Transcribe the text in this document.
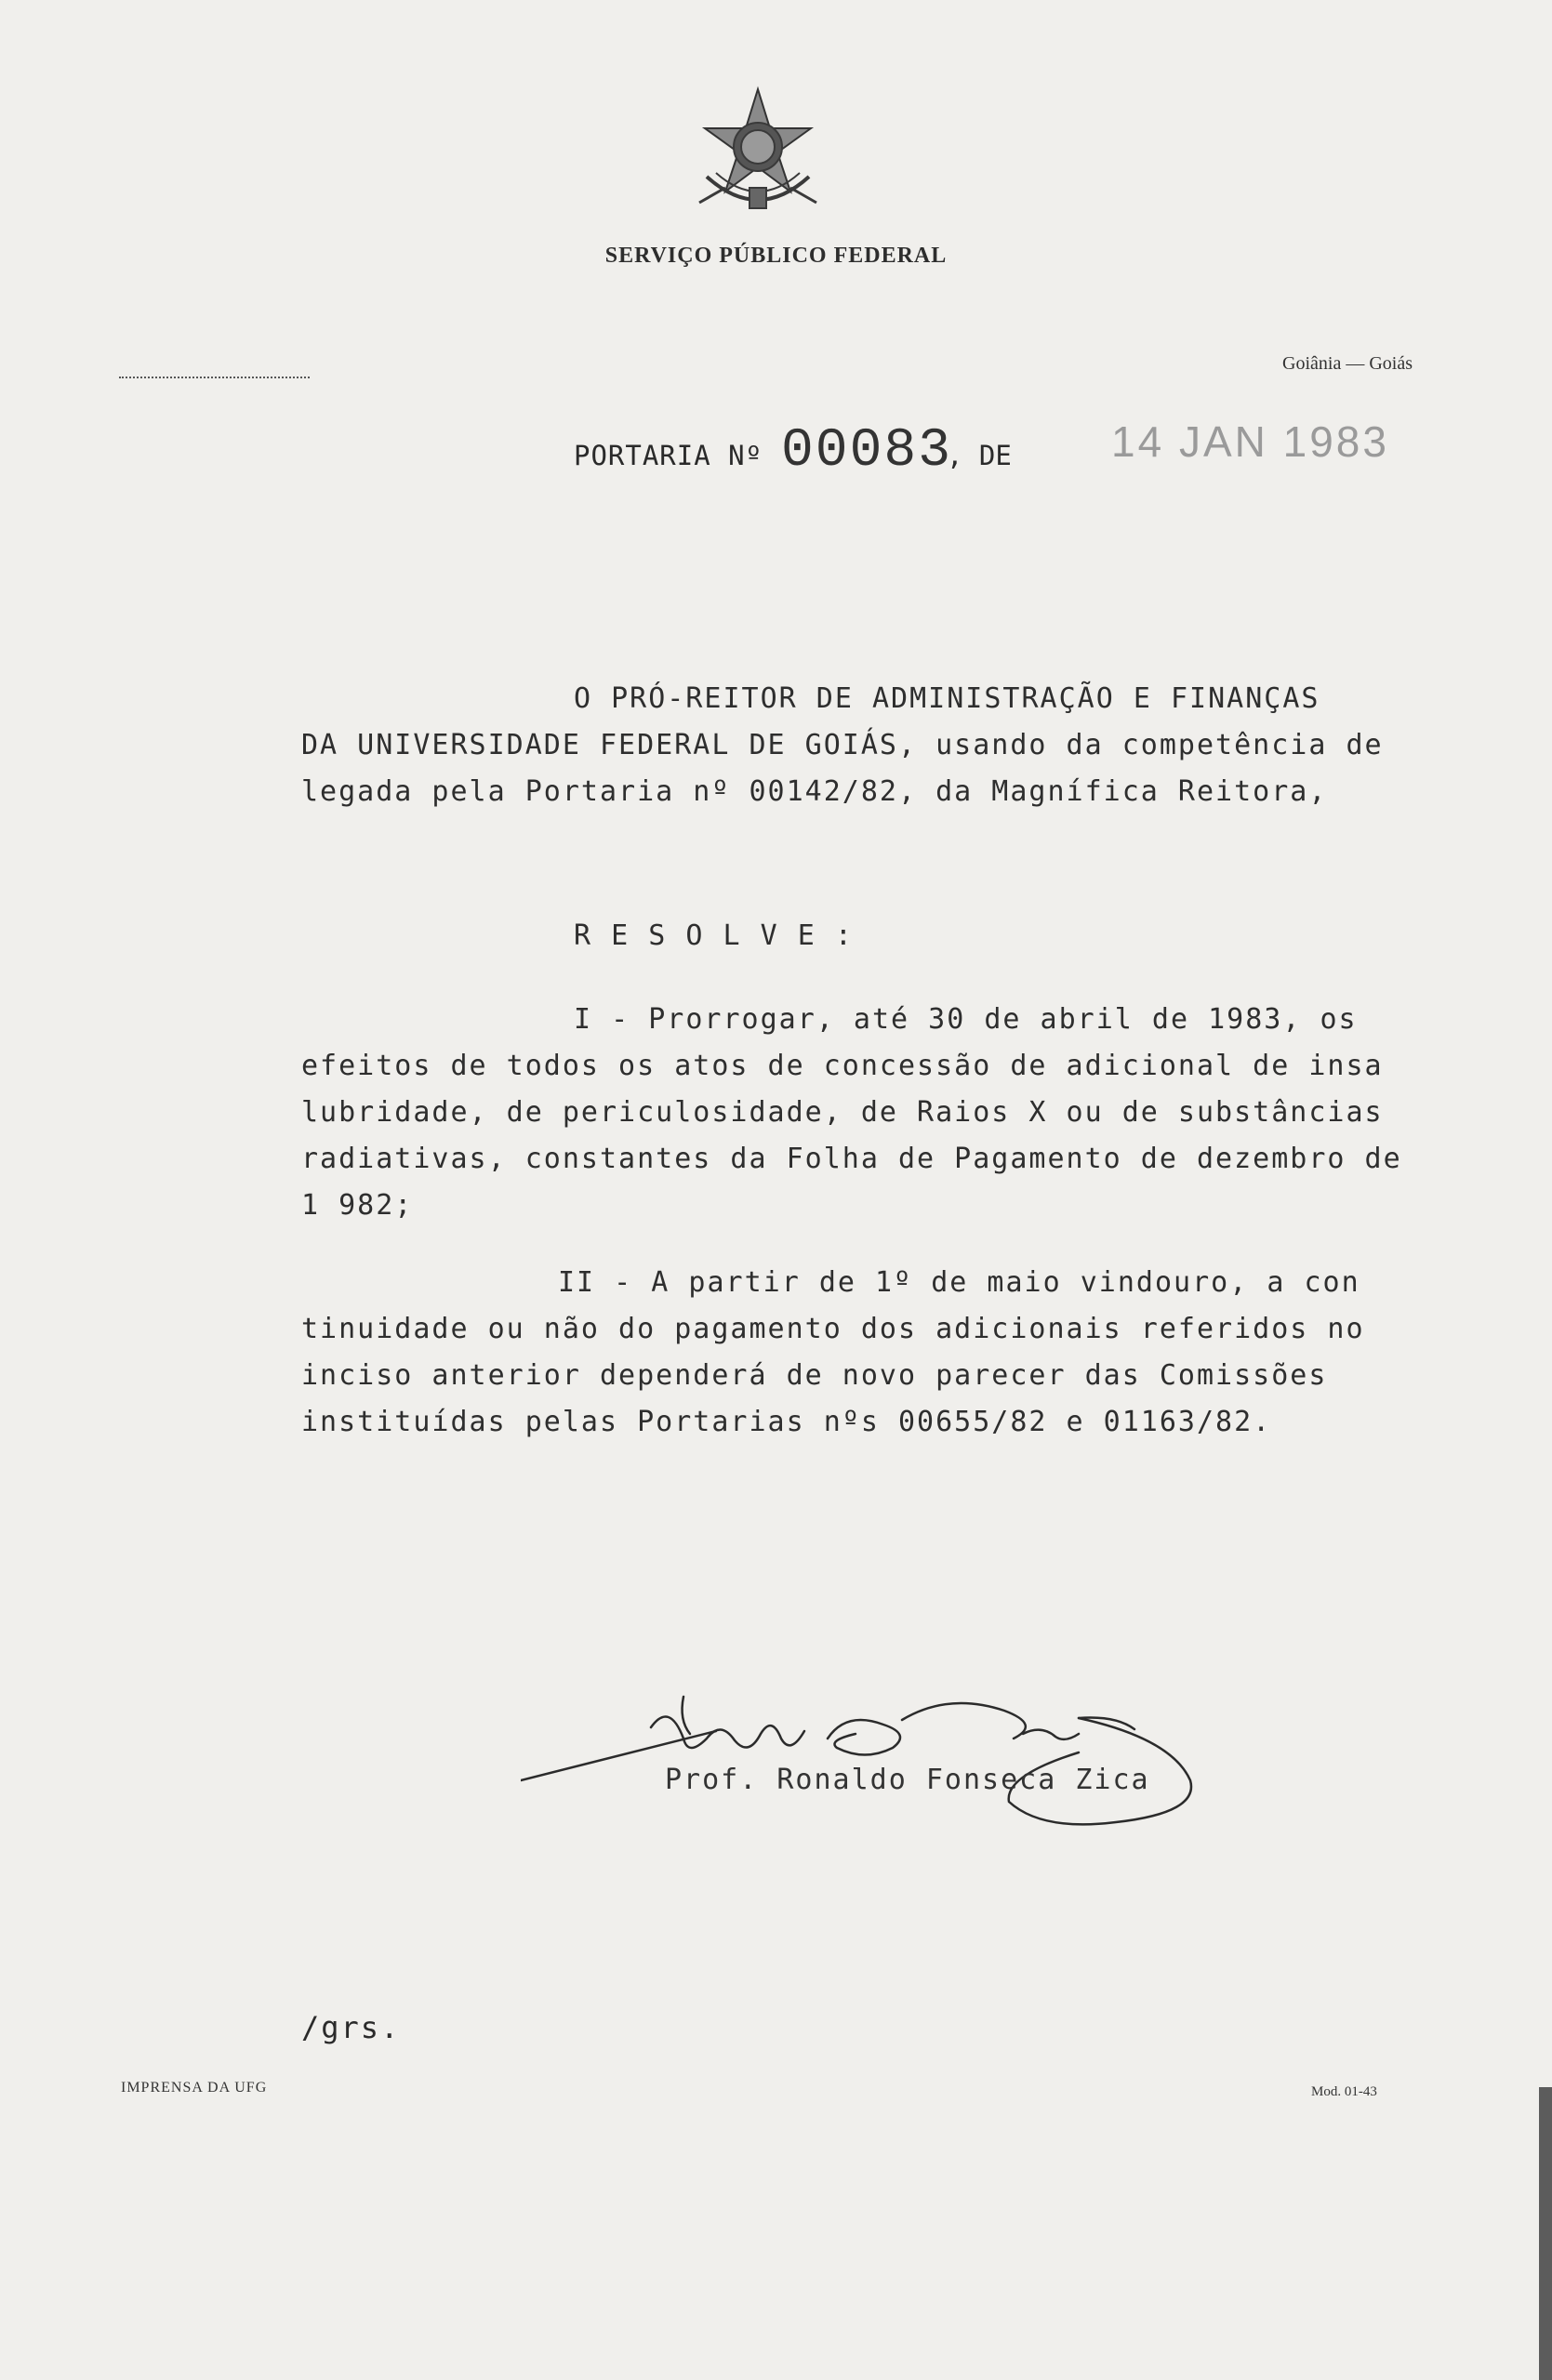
SERVIÇO PÚBLICO FEDERAL
Goiânia — Goiás
PORTARIA Nº 00083
, DE 14 JAN 1983
O PRÓ-REITOR DE ADMINISTRAÇÃO E FINANÇAS
DA UNIVERSIDADE FEDERAL DE GOIÁS, usando da competência de
legada pela Portaria nº 00142/82, da Magnífica Reitora,
R E S O L V E :
I - Prorrogar, até 30 de abril de 1983, os
efeitos de todos os atos de concessão de adicional de insa
lubridade, de periculosidade, de Raios X ou de substâncias
radiativas, constantes da Folha de Pagamento de dezembro de
1 982;
II - A partir de 1º de maio vindouro, a con
tinuidade ou não do pagamento dos adicionais referidos no
inciso anterior dependerá de novo parecer das Comissões
instituídas pelas Portarias nºs 00655/82 e 01163/82.
Prof. Ronaldo Fonseca Zica
/grs.
IMPRENSA DA UFG	Mod. 01-43
